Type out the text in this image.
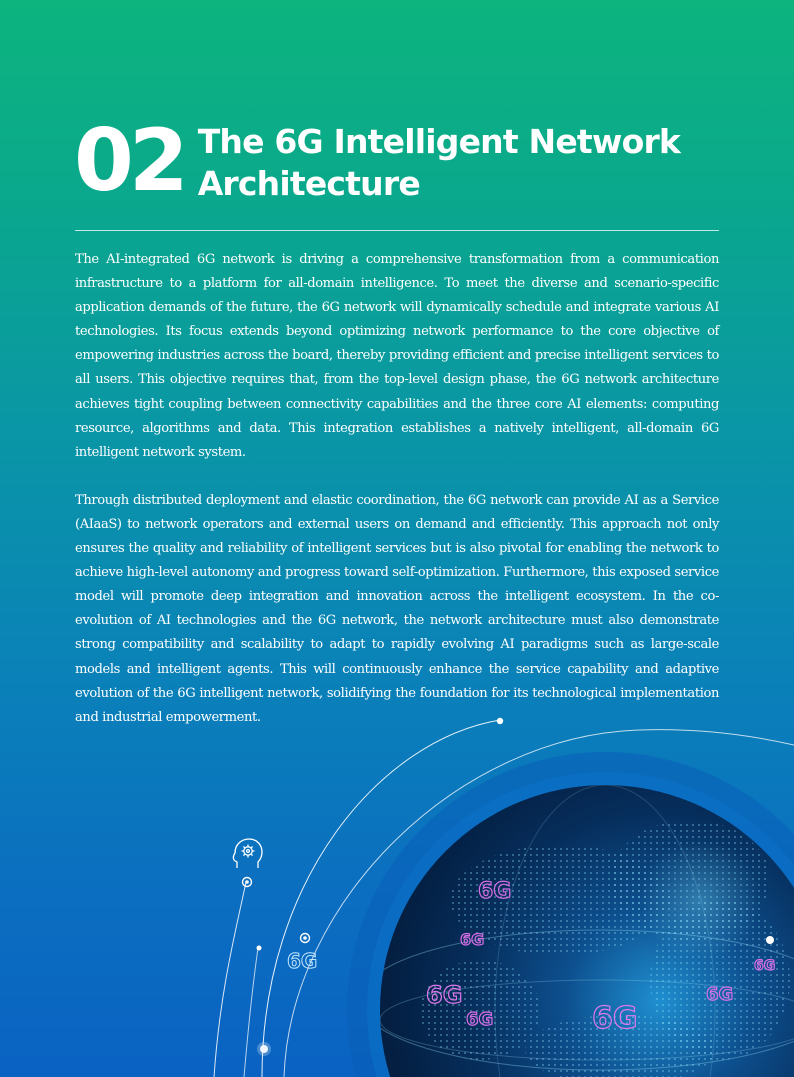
02 The 6G Intelligent Network Architecture

The AI-integrated 6G network is driving a comprehensive transformation from a communication infrastructure to a platform for all-domain intelligence. To meet the diverse and scenario-specific application demands of the future, the 6G network will dynamically schedule and integrate various AI technologies. Its focus extends beyond optimizing network performance to the core objective of empowering industries across the board, thereby providing efficient and precise intelligent services to all users. This objective requires that, from the top-level design phase, the 6G network architecture achieves tight coupling between connectivity capabilities and the three core AI elements: computing resource, algorithms and data. This integration establishes a natively intelligent, all-domain 6G intelligent network system.

Through distributed deployment and elastic coordination, the 6G network can provide AI as a Service (AIaaS) to network operators and external users on demand and efficiently. This approach not only ensures the quality and reliability of intelligent services but is also pivotal for enabling the network to achieve high-level autonomy and progress toward self-optimization. Furthermore, this exposed service model will promote deep integration and innovation across the intelligent ecosystem. In the co-evolution of AI technologies and the 6G network, the network architecture must also demonstrate strong compatibility and scalability to adapt to rapidly evolving AI paradigms such as large-scale models and intelligent agents. This will continuously enhance the service capability and adaptive evolution of the 6G intelligent network, solidifying the foundation for its technological implementation and industrial empowerment.

6G
6G
6G
6G	6G
6G
6G
6G
